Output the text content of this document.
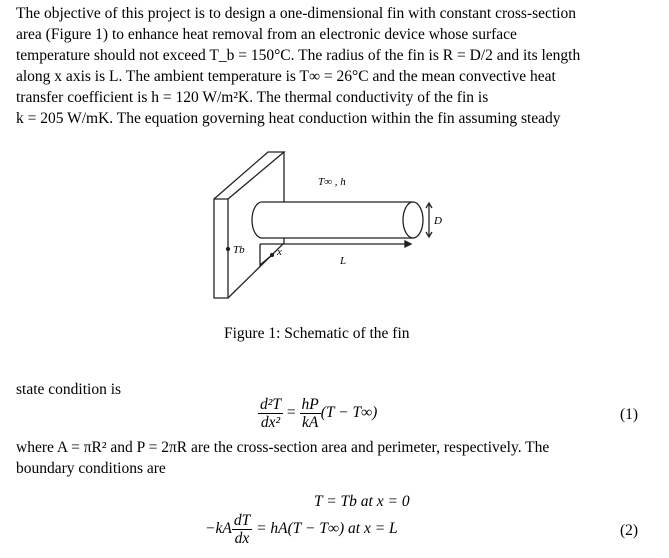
The objective of this project is to design a one-dimensional fin with constant cross-section
area (Figure 1) to enhance heat removal from an electronic device whose surface
temperature should not exceed T_b = 150°C. The radius of the fin is R = D/2 and its length
along x axis is L. The ambient temperature is T∞ = 26°C and the mean convective heat
transfer coefficient is h = 120 W/m²K. The thermal conductivity of the fin is
k = 205 W/mK. The equation governing heat conduction within the fin assuming steady
T∞ , h
Tb	x
L
D
Figure 1: Schematic of the fin
state condition is
$\frac{\text{d²T}}{\text{dx²}} = \frac{hP}{kA} (T - T\infty)$	(1)
where A = πR² and P = 2πR are the cross-section area and perimeter, respectively. The
boundary conditions are
T = Tb at x = 0
$-kA \frac{dT}{dx} = hA(T - T\infty)$ at x = L	(2)
